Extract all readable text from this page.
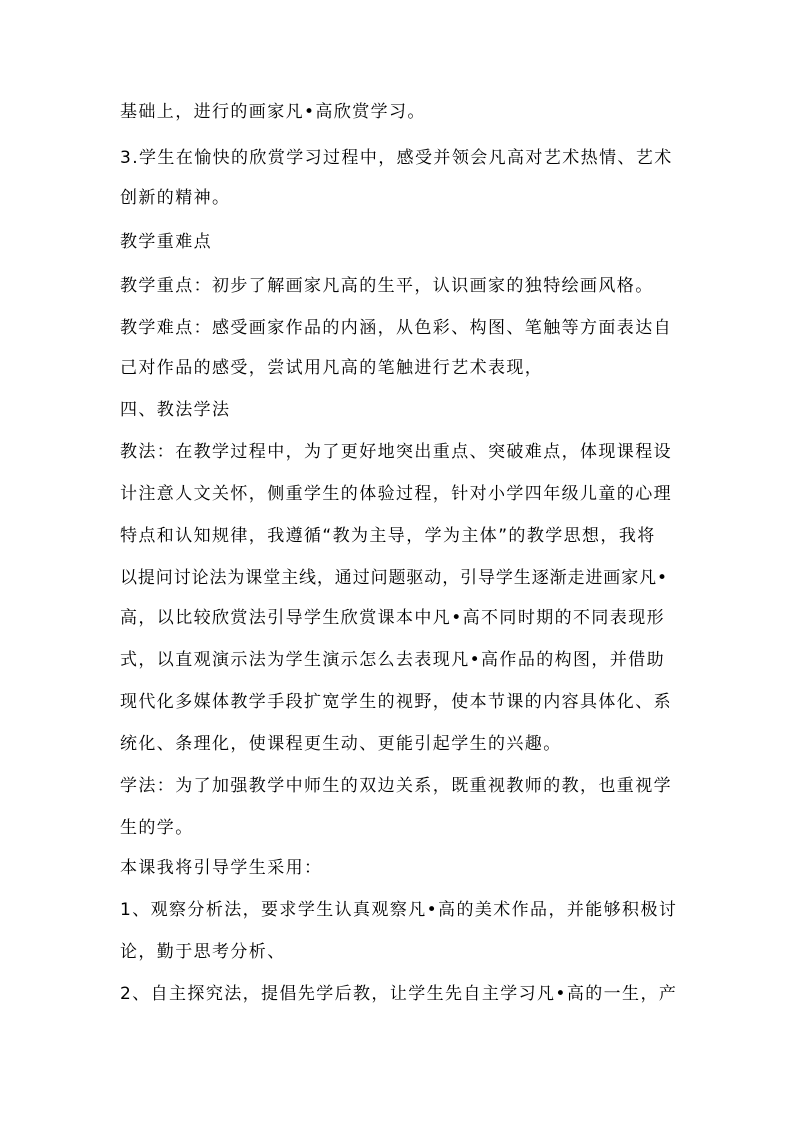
基础上，进行的画家凡•高欣赏学习。
3.学生在愉快的欣赏学习过程中，感受并领会凡高对艺术热情、艺术
创新的精神。
教学重难点
教学重点：初步了解画家凡高的生平，认识画家的独特绘画风格。
教学难点：感受画家作品的内涵，从色彩、构图、笔触等方面表达自
己对作品的感受，尝试用凡高的笔触进行艺术表现，
四、教法学法
教法：在教学过程中，为了更好地突出重点、突破难点，体现课程设
计注意人文关怀，侧重学生的体验过程，针对小学四年级儿童的心理
特点和认知规律，我遵循“教为主导，学为主体”的教学思想，我将
以提问讨论法为课堂主线，通过问题驱动，引导学生逐渐走进画家凡•
高，以比较欣赏法引导学生欣赏课本中凡•高不同时期的不同表现形
式，以直观演示法为学生演示怎么去表现凡•高作品的构图，并借助
现代化多媒体教学手段扩宽学生的视野，使本节课的内容具体化、系
统化、条理化，使课程更生动、更能引起学生的兴趣。
学法：为了加强教学中师生的双边关系，既重视教师的教，也重视学
生的学。
本课我将引导学生采用：
1、观察分析法，要求学生认真观察凡•高的美术作品，并能够积极讨
论，勤于思考分析、
2、自主探究法，提倡先学后教，让学生先自主学习凡•高的一生，产
